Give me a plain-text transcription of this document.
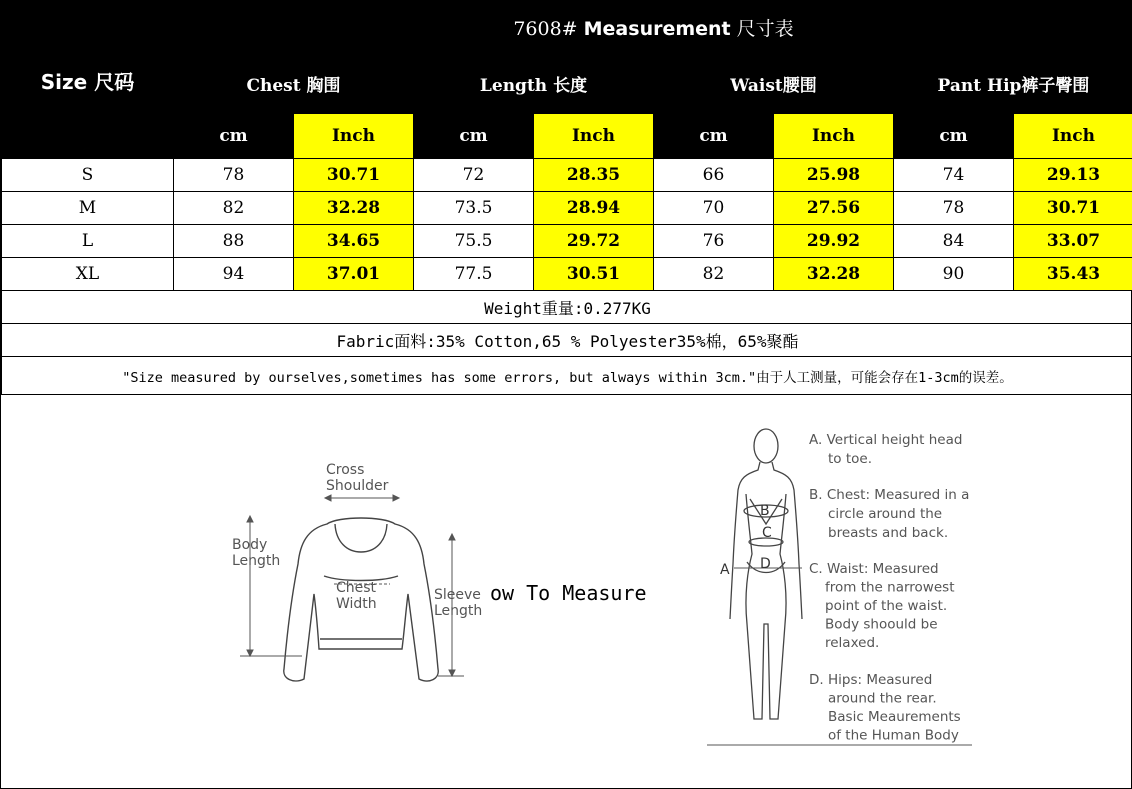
Size 尺码	7608# Measurement 尺寸表							
	Chest 胸围		Length 长度		Waist腰围		Pant Hip裤子臀围	
	cm	Inch	cm	Inch	cm	Inch	cm	Inch
S	78	30.71	72	28.35	66	25.98	74	29.13
M	82	32.28	73.5	28.94	70	27.56	78	30.71
L	88	34.65	75.5	29.72	76	29.92	84	33.07
XL	94	37.01	77.5	30.51	82	32.28	90	35.43
Weight重量:0.277KG								
Fabric面料:35% Cotton,65 % Polyester35%棉，65%聚酯								
"Size measured by ourselves,sometimes has some errors, but always within 3cm."由于人工测量，可能会存在1-3cm的误差。								
Cross Shoulder
Body Length
Chest Width
Sleeve Length
B
C
D
A
A. Vertical height head to toe.
B. Chest: Measured in a circle around the breasts and back.
C. Waist: Measured from the narrowest point of the waist. Body shoould be relaxed.
D. Hips: Measured around the rear. Basic Meaurements of the Human Body
ow To Measure
